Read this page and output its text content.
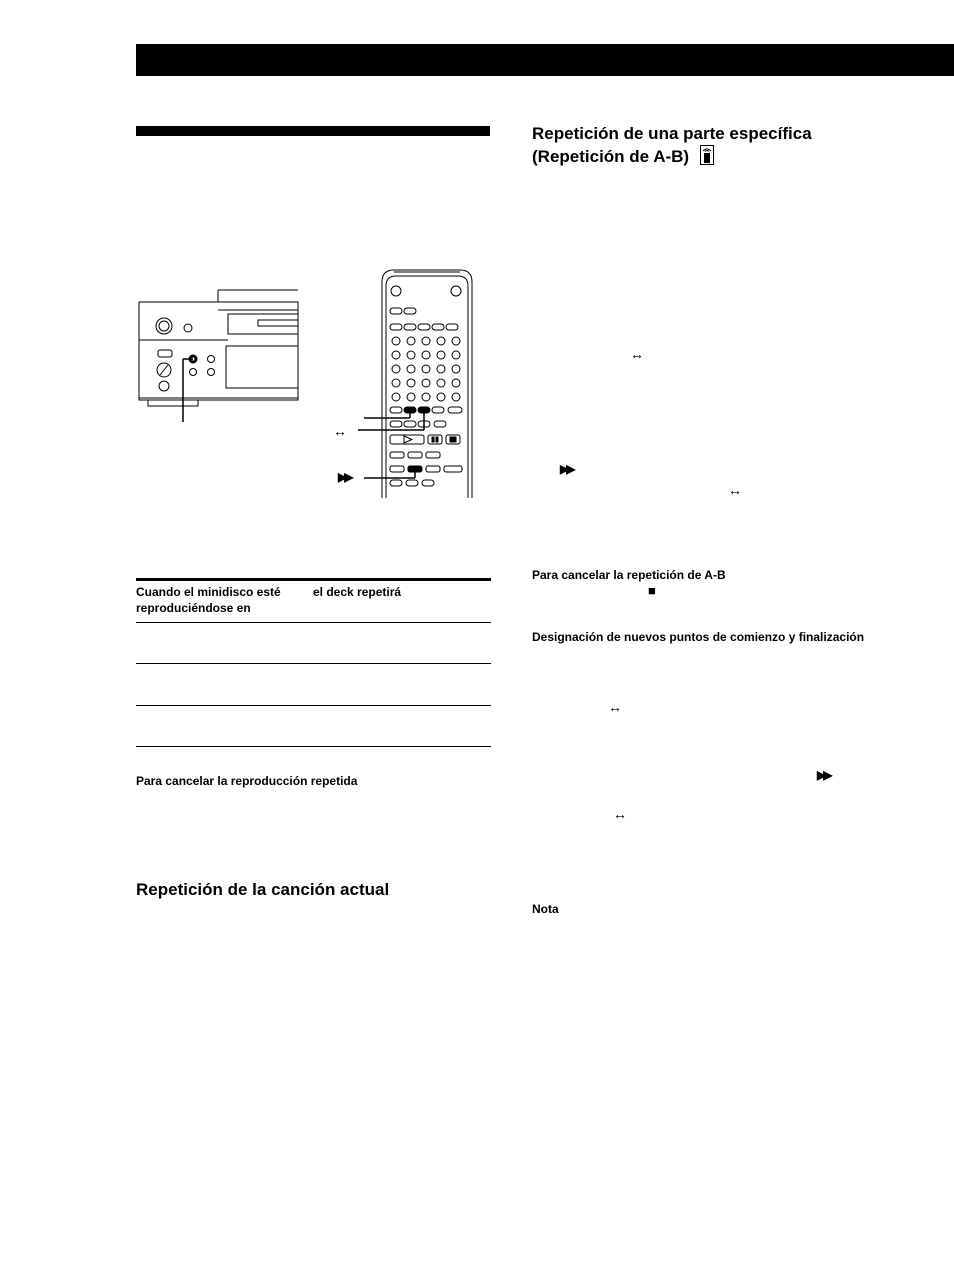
↔
▶▶
Cuando el minidisco esté
reproduciéndose en
el deck repetirá
Para cancelar la reproducción repetida
Repetición de la canción actual
Repetición de una parte específica
(Repetición de A-B)
↔
▶▶
↔
Para cancelar la repetición de A-B
■
Designación de nuevos puntos de comienzo y finalización
↔
▶▶
↔
Nota
